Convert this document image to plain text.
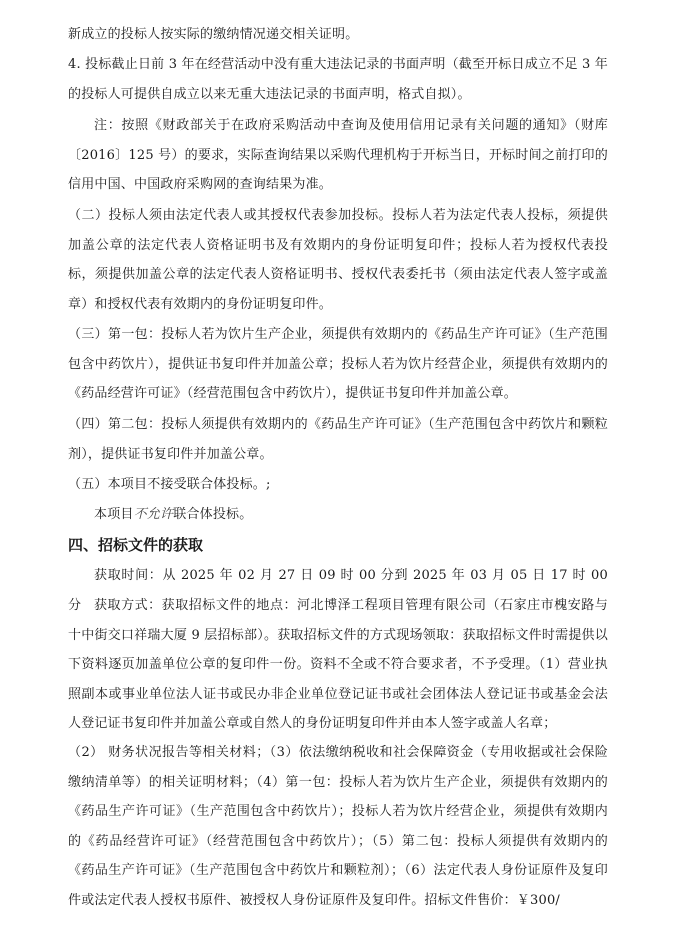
新成立的投标人按实际的缴纳情况递交相关证明。

4. 投标截止日前 3 年在经营活动中没有重大违法记录的书面声明（截至开标日成立不足 3 年的投标人可提供自成立以来无重大违法记录的书面声明，格式自拟）。

注：按照《财政部关于在政府采购活动中查询及使用信用记录有关问题的通知》（财库〔2016〕125 号）的要求，实际查询结果以采购代理机构于开标当日，开标时间之前打印的信用中国、中国政府采购网的查询结果为准。

（二）投标人须由法定代表人或其授权代表参加投标。投标人若为法定代表人投标，须提供加盖公章的法定代表人资格证明书及有效期内的身份证明复印件；投标人若为授权代表投标，须提供加盖公章的法定代表人资格证明书、授权代表委托书（须由法定代表人签字或盖章）和授权代表有效期内的身份证明复印件。

（三）第一包：投标人若为饮片生产企业，须提供有效期内的《药品生产许可证》（生产范围包含中药饮片），提供证书复印件并加盖公章；投标人若为饮片经营企业，须提供有效期内的《药品经营许可证》（经营范围包含中药饮片），提供证书复印件并加盖公章。

（四）第二包：投标人须提供有效期内的《药品生产许可证》（生产范围包含中药饮片和颗粒剂），提供证书复印件并加盖公章。

（五）本项目不接受联合体投标。;

本项目不允许联合体投标。

四、招标文件的获取

获取时间：从 2025 年 02 月 27 日 09 时 00 分到 2025 年 03 月 05 日 17 时 00 分 获取方式：获取招标文件的地点：河北博泽工程项目管理有限公司（石家庄市槐安路与十中街交口祥瑞大厦 9 层招标部）。获取招标文件的方式现场领取：获取招标文件时需提供以下资料逐页加盖单位公章的复印件一份。资料不全或不符合要求者，不予受理。（1）营业执照副本或事业单位法人证书或民办非企业单位登记证书或社会团体法人登记证书或基金会法人登记证书复印件并加盖公章或自然人的身份证明复印件并由本人签字或盖人名章；

（2） 财务状况报告等相关材料；（3）依法缴纳税收和社会保障资金（专用收据或社会保险缴纳清单等）的相关证明材料；（4）第一包：投标人若为饮片生产企业，须提供有效期内的《药品生产许可证》（生产范围包含中药饮片）；投标人若为饮片经营企业，须提供有效期内的《药品经营许可证》（经营范围包含中药饮片）；（5）第二包：投标人须提供有效期内的《药品生产许可证》（生产范围包含中药饮片和颗粒剂）；（6）法定代表人身份证原件及复印件或法定代表人授权书原件、被授权人身份证原件及复印件。招标文件售价：￥300/
